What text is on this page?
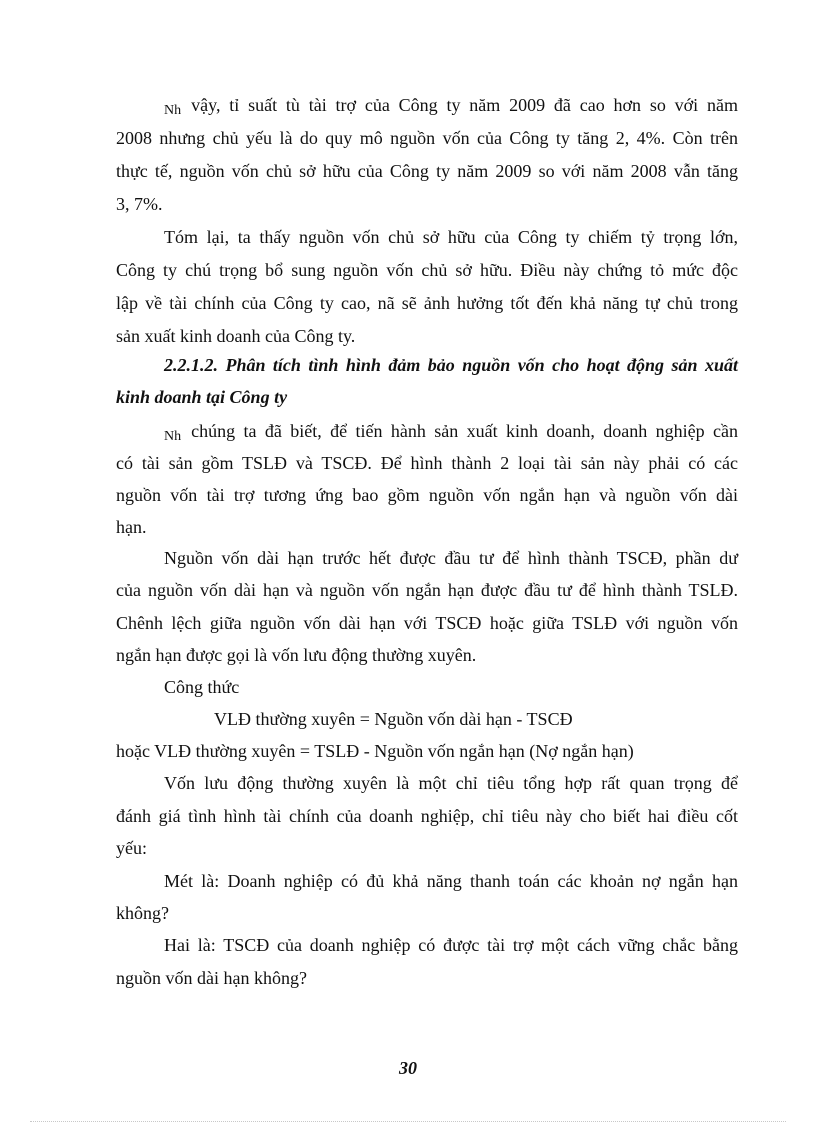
Nh vậy, tỉ suất tù tài trợ của Công ty năm 2009 đã cao hơn so với năm
2008 nhưng chủ yếu là do quy mô nguồn vốn của Công ty tăng 2, 4%. Còn trên
thực tế, nguồn vốn chủ sở hữu của Công ty năm 2009 so với năm 2008 vẫn tăng
3, 7%.
Tóm lại, ta thấy nguồn vốn chủ sở hữu của Công ty chiếm tỷ trọng lớn,
Công ty chú trọng bổ sung nguồn vốn chủ sở hữu. Điều này chứng tỏ mức độc
lập về tài chính của Công ty cao, nã sẽ ảnh hưởng tốt đến khả năng tự chủ trong
sản xuất kinh doanh của Công ty.
2.2.1.2. Phân tích tình hình đảm bảo nguồn vốn cho hoạt động sản xuất
kinh doanh tại Công ty
Nh chúng ta đã biết, để tiến hành sản xuất kinh doanh, doanh nghiệp cần
có tài sản gồm TSLĐ và TSCĐ. Để hình thành 2 loại tài sản này phải có các
nguồn vốn tài trợ tương ứng bao gồm nguồn vốn ngắn hạn và nguồn vốn dài
hạn.
Nguồn vốn dài hạn trước hết được đầu tư để hình thành TSCĐ, phần dư
của nguồn vốn dài hạn và nguồn vốn ngắn hạn được đầu tư để hình thành TSLĐ.
Chênh lệch giữa nguồn vốn dài hạn với TSCĐ hoặc giữa TSLĐ với nguồn vốn
ngắn hạn được gọi là vốn lưu động thường xuyên.
Công thức
VLĐ thường xuyên = Nguồn vốn dài hạn - TSCĐ
hoặc VLĐ thường xuyên = TSLĐ - Nguồn vốn ngắn hạn (Nợ ngắn hạn)
Vốn lưu động thường xuyên là một chỉ tiêu tổng hợp rất quan trọng để
đánh giá tình hình tài chính của doanh nghiệp, chỉ tiêu này cho biết hai điều cốt
yếu:
Mét là: Doanh nghiệp có đủ khả năng thanh toán các khoản nợ ngắn hạn
không?
Hai là: TSCĐ của doanh nghiệp có được tài trợ một cách vững chắc bằng
nguồn vốn dài hạn không?
30
